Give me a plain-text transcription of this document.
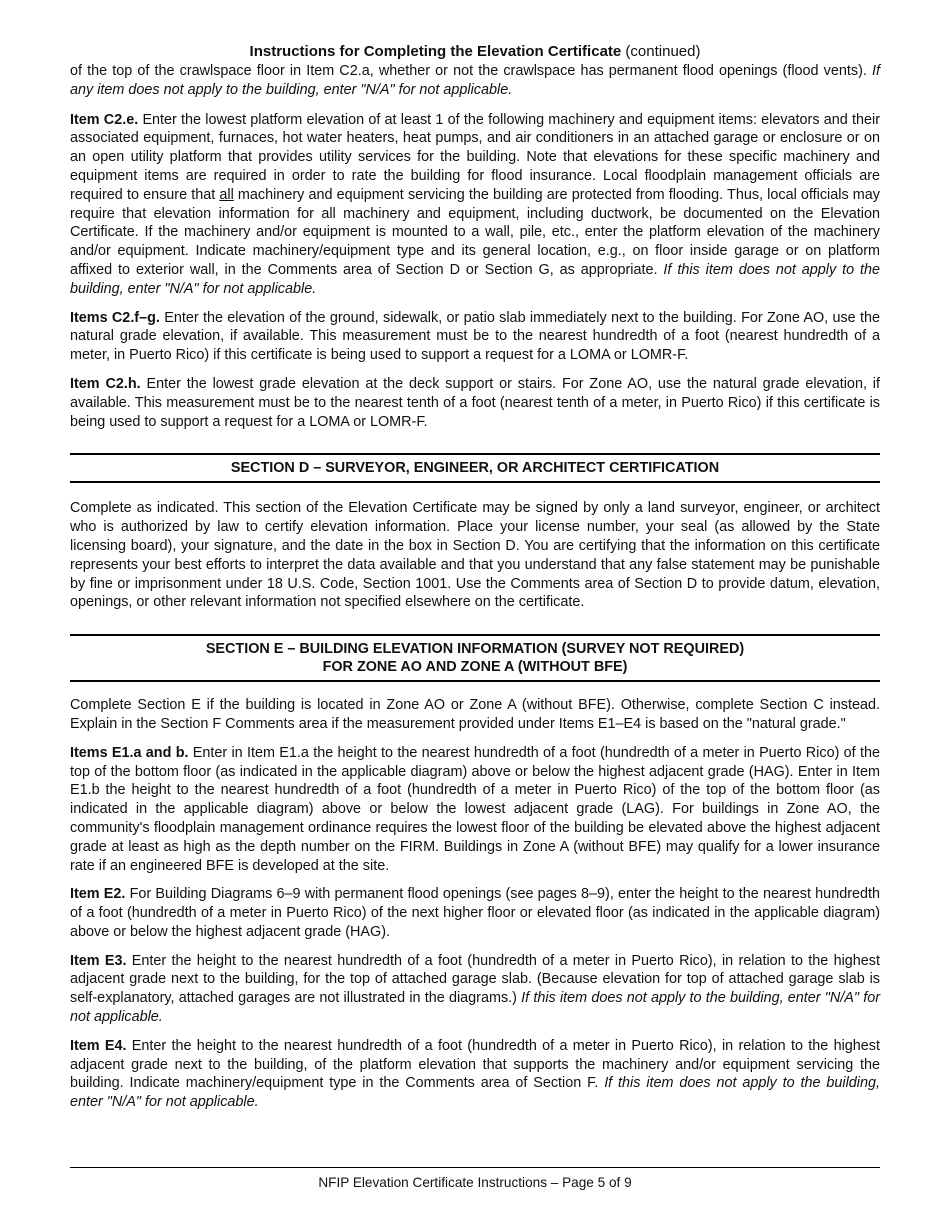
Instructions for Completing the Elevation Certificate (continued)

of the top of the crawlspace floor in Item C2.a, whether or not the crawlspace has permanent flood openings (flood vents). If any item does not apply to the building, enter "N/A" for not applicable.

Item C2.e. Enter the lowest platform elevation of at least 1 of the following machinery and equipment items: elevators and their associated equipment, furnaces, hot water heaters, heat pumps, and air conditioners in an attached garage or enclosure or on an open utility platform that provides utility services for the building. Note that elevations for these specific machinery and equipment items are required in order to rate the building for flood insurance. Local floodplain management officials are required to ensure that all machinery and equipment servicing the building are protected from flooding. Thus, local officials may require that elevation information for all machinery and equipment, including ductwork, be documented on the Elevation Certificate. If the machinery and/or equipment is mounted to a wall, pile, etc., enter the platform elevation of the machinery and/or equipment. Indicate machinery/equipment type and its general location, e.g., on floor inside garage or on platform affixed to exterior wall, in the Comments area of Section D or Section G, as appropriate. If this item does not apply to the building, enter "N/A" for not applicable.

Items C2.f–g. Enter the elevation of the ground, sidewalk, or patio slab immediately next to the building. For Zone AO, use the natural grade elevation, if available. This measurement must be to the nearest hundredth of a foot (nearest hundredth of a meter, in Puerto Rico) if this certificate is being used to support a request for a LOMA or LOMR-F.

Item C2.h. Enter the lowest grade elevation at the deck support or stairs. For Zone AO, use the natural grade elevation, if available. This measurement must be to the nearest tenth of a foot (nearest tenth of a meter, in Puerto Rico) if this certificate is being used to support a request for a LOMA or LOMR-F.

SECTION D – SURVEYOR, ENGINEER, OR ARCHITECT CERTIFICATION

Complete as indicated. This section of the Elevation Certificate may be signed by only a land surveyor, engineer, or architect who is authorized by law to certify elevation information. Place your license number, your seal (as allowed by the State licensing board), your signature, and the date in the box in Section D. You are certifying that the information on this certificate represents your best efforts to interpret the data available and that you understand that any false statement may be punishable by fine or imprisonment under 18 U.S. Code, Section 1001. Use the Comments area of Section D to provide datum, elevation, openings, or other relevant information not specified elsewhere on the certificate.

SECTION E – BUILDING ELEVATION INFORMATION (SURVEY NOT REQUIRED)
FOR ZONE AO AND ZONE A (WITHOUT BFE)

Complete Section E if the building is located in Zone AO or Zone A (without BFE). Otherwise, complete Section C instead. Explain in the Section F Comments area if the measurement provided under Items E1–E4 is based on the "natural grade."

Items E1.a and b. Enter in Item E1.a the height to the nearest hundredth of a foot (hundredth of a meter in Puerto Rico) of the top of the bottom floor (as indicated in the applicable diagram) above or below the highest adjacent grade (HAG). Enter in Item E1.b the height to the nearest hundredth of a foot (hundredth of a meter in Puerto Rico) of the top of the bottom floor (as indicated in the applicable diagram) above or below the lowest adjacent grade (LAG). For buildings in Zone AO, the community's floodplain management ordinance requires the lowest floor of the building be elevated above the highest adjacent grade at least as high as the depth number on the FIRM. Buildings in Zone A (without BFE) may qualify for a lower insurance rate if an engineered BFE is developed at the site.

Item E2. For Building Diagrams 6–9 with permanent flood openings (see pages 8–9), enter the height to the nearest hundredth of a foot (hundredth of a meter in Puerto Rico) of the next higher floor or elevated floor (as indicated in the applicable diagram) above or below the highest adjacent grade (HAG).

Item E3. Enter the height to the nearest hundredth of a foot (hundredth of a meter in Puerto Rico), in relation to the highest adjacent grade next to the building, for the top of attached garage slab. (Because elevation for top of attached garage slab is self-explanatory, attached garages are not illustrated in the diagrams.) If this item does not apply to the building, enter "N/A" for not applicable.

Item E4. Enter the height to the nearest hundredth of a foot (hundredth of a meter in Puerto Rico), in relation to the highest adjacent grade next to the building, of the platform elevation that supports the machinery and/or equipment servicing the building. Indicate machinery/equipment type in the Comments area of Section F. If this item does not apply to the building, enter "N/A" for not applicable.

NFIP Elevation Certificate Instructions – Page 5 of 9
